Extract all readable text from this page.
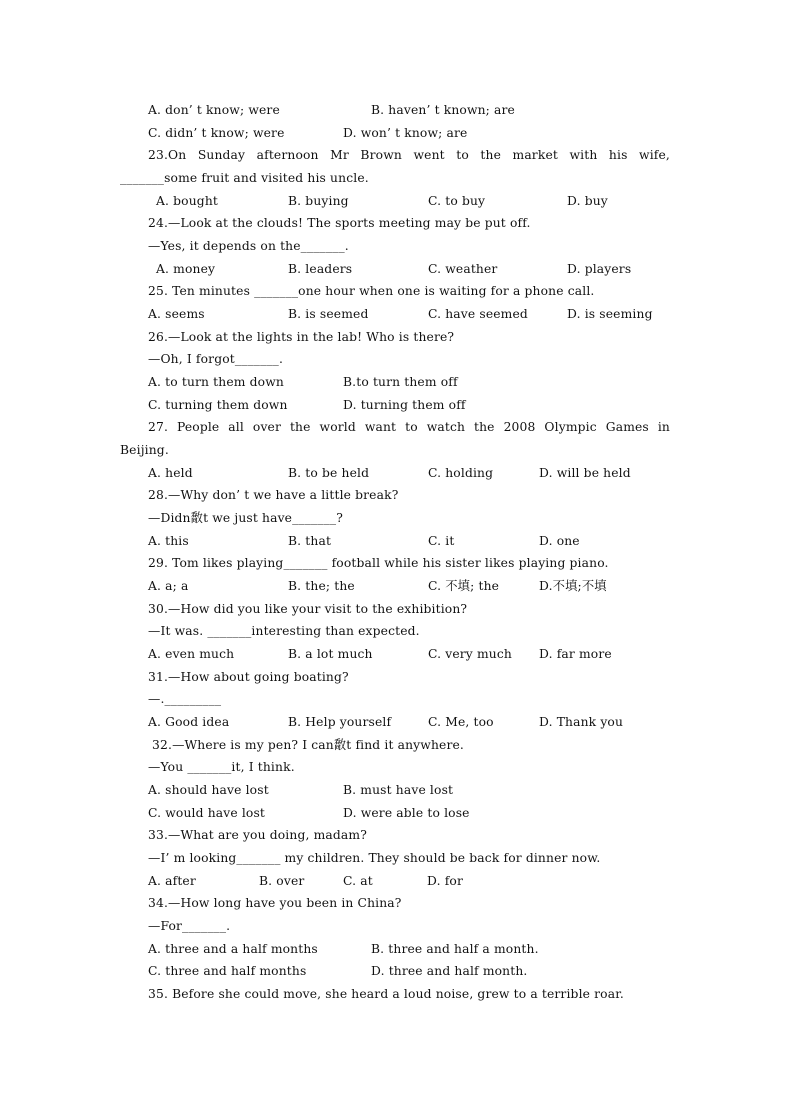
A. don’ t know; were

	B. haven’ t known; are

C. didn’ t know; were

	D. won’ t know; are

23.On Sunday afternoon Mr Brown went to the market with his wife,
_______some fruit and visited his uncle.

A. bought

	B. buying

	C. to buy

	D. buy

24.—Look at the clouds! The sports meeting may be put off.
—Yes, it depends on the_______.

A. money

	B. leaders

	C. weather

	D. players

25. Ten minutes _______one hour when one is waiting for a phone call.

A. seems

	B. is seemed

	C. have seemed

	D. is seeming

26.—Look at the lights in the lab! Who is there?
—Oh, I forgot_______.

A. to turn them down

	B.to turn them off

C. turning them down

	D. turning them off

27. People all over the world want to watch the 2008 Olympic Games in
Beijing.

A. held

	B. to be held

	C. holding

	D. will be held

28.—Why don’ t we have a little break?
—Didn敿t we just have_______?

A. this

	B. that

	C. it

	D. one

29. Tom likes playing_______ football while his sister likes playing piano.

A. a; a

	B. the; the

	C. 不填; the

	D.不填;不填

30.—How did you like your visit to the exhibition?
—It was. _______interesting than expected.

A. even much

	B. a lot much

	C. very much

D. far more

31.—How about going boating?
—._________

A. Good idea

	B. Help yourself

	C. Me, too

	D. Thank you

32.—Where is my pen? I can敿t find it anywhere.
—You _______it, I think.

A. should have lost

	B. must have lost

C. would have lost

	D. were able to lose

33.—What are you doing, madam?
—I’ m looking_______ my children. They should be back for dinner now.

A. after

	B. over

	C. at

	D. for

34.—How long have you been in China?
—For_______.

A. three and a half months

	B. three and half a month.

C. three and half months

	D. three and half month.

35. Before she could move, she heard a loud noise, grew to a terrible roar.
